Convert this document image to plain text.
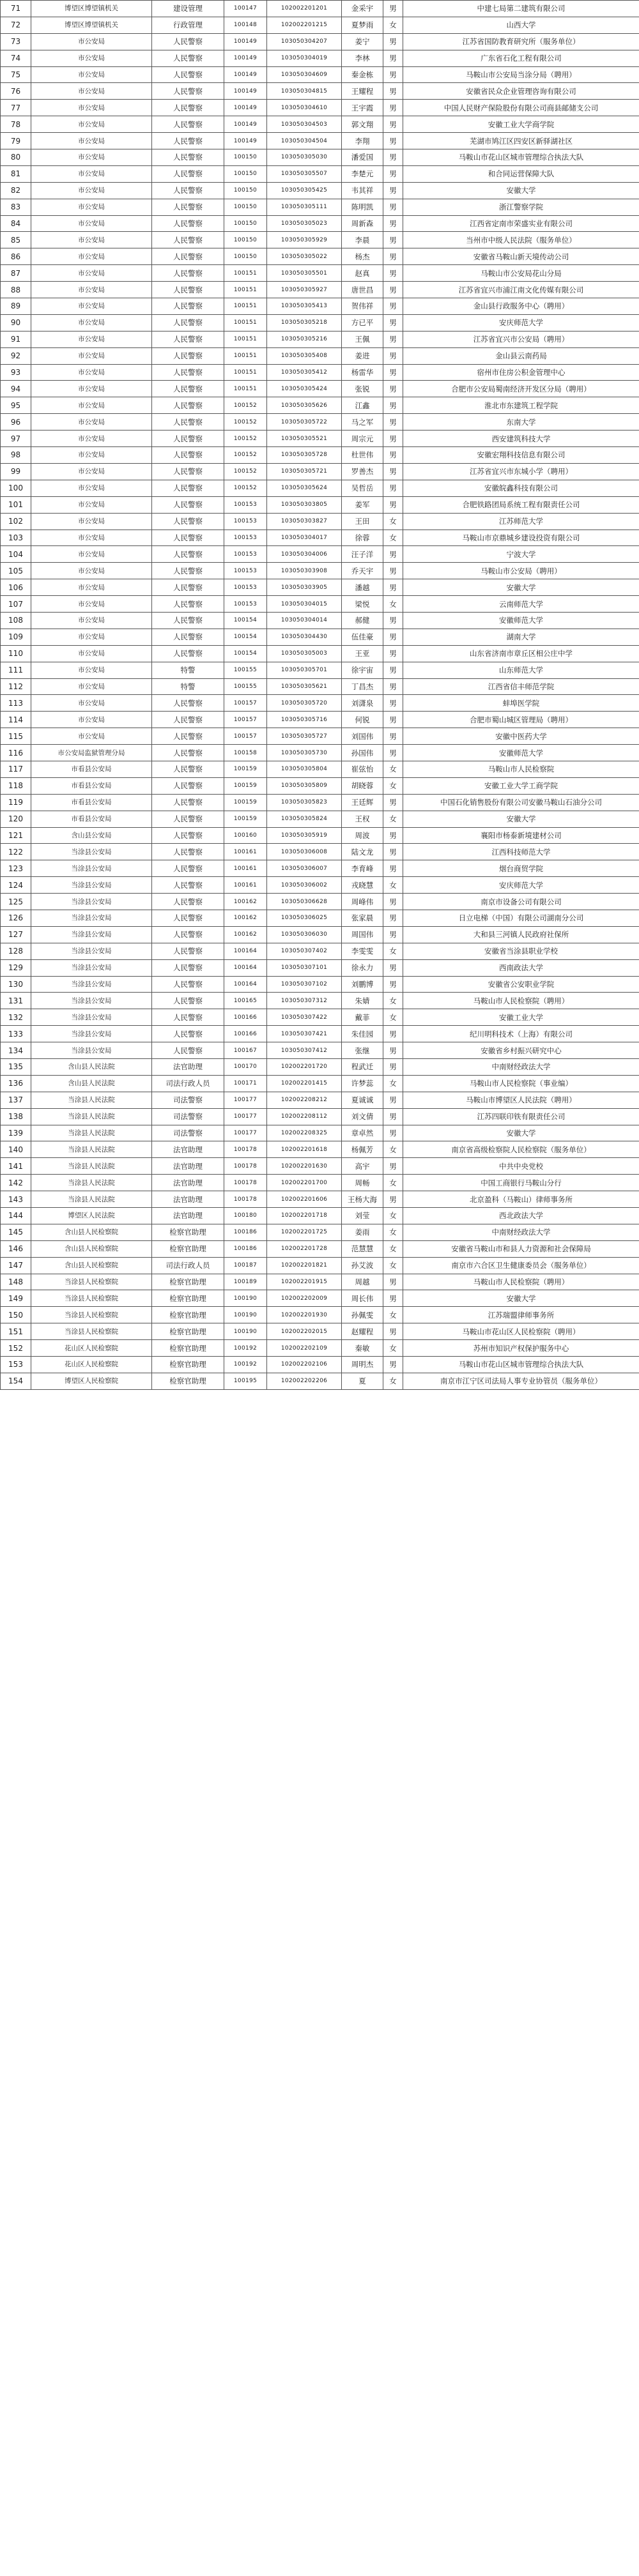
71	博望区博望镇机关	建设管理	100147	102002201201	金采宇	男	中建七局第二建筑有限公司
72	博望区博望镇机关	行政管理	100148	102002201215	夏梦雨	女	山西大学
73	市公安局	人民警察	100149	103050304207	姜宁	男	江苏省国防教育研究所（服务单位）
74	市公安局	人民警察	100149	103050304019	李林	男	广东省石化工程有限公司
75	市公安局	人民警察	100149	103050304609	秦金栋	男	马鞍山市公安局当涂分局（聘用）
76	市公安局	人民警察	100149	103050304815	王耀程	男	安徽省民众企业管理咨询有限公司
77	市公安局	人民警察	100149	103050304610	王宇霞	男	中国人民财产保险股份有限公司商县邮储支公司
78	市公安局	人民警察	100149	103050304503	郭文翔	男	安徽工业大学商学院
79	市公安局	人民警察	100149	103050304504	李翔	男	芜湖市鸠江区四安区新驿湖社区
80	市公安局	人民警察	100150	103050305030	潘爱国	男	马鞍山市花山区城市管理综合执法大队
81	市公安局	人民警察	100150	103050305507	李楚元	男	和合同运营保障大队
82	市公安局	人民警察	100150	103050305425	韦其祥	男	安徽大学
83	市公安局	人民警察	100150	103050305111	陈明凯	男	浙江警察学院
84	市公安局	人民警察	100150	103050305023	周新森	男	江西省定南市荣盛实业有限公司
85	市公安局	人民警察	100150	103050305929	李晨	男	当州市中级人民法院（服务单位）
86	市公安局	人民警察	100150	103050305022	杨杰	男	安徽省马鞍山新天境传动公司
87	市公安局	人民警察	100151	103050305501	赵真	男	马鞍山市公安局花山分局
88	市公安局	人民警察	100151	103050305927	唐世昌	男	江苏省宜兴市浦江南文化传媒有限公司
89	市公安局	人民警察	100151	103050305413	贺伟祥	男	金山县行政服务中心（聘用）
90	市公安局	人民警察	100151	103050305218	方已平	男	安庆师范大学
91	市公安局	人民警察	100151	103050305216	王佩	男	江苏省宜兴市公安局（聘用）
92	市公安局	人民警察	100151	103050305408	姜进	男	金山县云南药局
93	市公安局	人民警察	100151	103050305412	杨雷华	男	宿州市住房公积金管理中心
94	市公安局	人民警察	100151	103050305424	张锐	男	合肥市公安局蜀南经济开发区分局（聘用）
95	市公安局	人民警察	100152	103050305626	江鑫	男	淮北市东建筑工程学院
96	市公安局	人民警察	100152	103050305722	马之军	男	东南大学
97	市公安局	人民警察	100152	103050305521	周宗元	男	西安建筑科技大学
98	市公安局	人民警察	100152	103050305728	杜世伟	男	安徽宏翔科技信息有限公司
99	市公安局	人民警察	100152	103050305721	罗善杰	男	江苏省宜兴市东城小学（聘用）
100	市公安局	人民警察	100152	103050305624	吴哲岳	男	安徽皖鑫科技有限公司
101	市公安局	人民警察	100153	103050303805	姜军	男	合肥铁路团局系统工程有限责任公司
102	市公安局	人民警察	100153	103050303827	王田	女	江苏师范大学
103	市公安局	人民警察	100153	103050304017	徐蓉	女	马鞍山市京鼎城乡建设投资有限公司
104	市公安局	人民警察	100153	103050304006	汪子洋	男	宁波大学
105	市公安局	人民警察	100153	103050303908	乔天宇	男	马鞍山市公安局（聘用）
106	市公安局	人民警察	100153	103050303905	潘越	男	安徽大学
107	市公安局	人民警察	100153	103050304015	梁悦	女	云南师范大学
108	市公安局	人民警察	100154	103050304014	郝健	男	安徽师范大学
109	市公安局	人民警察	100154	103050304430	伍佳豪	男	湖南大学
110	市公安局	人民警察	100154	103050305003	王亚	男	山东省济南市章丘区相公庄中学
111	市公安局	特警	100155	103050305701	徐宇宙	男	山东师范大学
112	市公安局	特警	100155	103050305621	丁昌杰	男	江西省信丰师范学院
113	市公安局	人民警察	100157	103050305720	刘潇泉	男	蚌埠医学院
114	市公安局	人民警察	100157	103050305716	何锐	男	合肥市蜀山城区管理局（聘用）
115	市公安局	人民警察	100157	103050305727	刘国伟	男	安徽中医药大学
116	市公安局监狱管理分局	人民警察	100158	103050305730	孙国伟	男	安徽师范大学
117	市看县公安局	人民警察	100159	103050305804	崔弦怡	女	马鞍山市人民检察院
118	市看县公安局	人民警察	100159	103050305809	胡晓蓉	女	安徽工业大学工商学院
119	市看县公安局	人民警察	100159	103050305823	王廷辉	男	中国石化销售股份有限公司安徽马鞍山石油分公司
120	市看县公安局	人民警察	100159	103050305824	王权	女	安徽大学
121	含山县公安局	人民警察	100160	103050305919	周波	男	襄阳市杨泰新境建材公司
122	当涂县公安局	人民警察	100161	103050306008	陆文龙	男	江西科技师范大学
123	当涂县公安局	人民警察	100161	103050306007	李育峰	男	烟台商贸学院
124	当涂县公安局	人民警察	100161	103050306002	戎晓慧	女	安庆师范大学
125	当涂县公安局	人民警察	100162	103050306628	周峰伟	男	南京市设备公司有限公司
126	当涂县公安局	人民警察	100162	103050306025	张家晨	男	日立电梯（中国）有限公司湖南分公司
127	当涂县公安局	人民警察	100162	103050306030	周国伟	男	大和县三河镇人民政府社保所
128	当涂县公安局	人民警察	100164	103050307402	李雯雯	女	安徽省当涂县职业学校
129	当涂县公安局	人民警察	100164	103050307101	徐永力	男	西南政法大学
130	当涂县公安局	人民警察	100164	103050307102	刘鹏博	男	安徽省公安职业学院
131	当涂县公安局	人民警察	100165	103050307312	朱婧	女	马鞍山市人民检察院（聘用）
132	当涂县公安局	人民警察	100166	103050307422	戴菲	女	安徽工业大学
133	当涂县公安局	人民警察	100166	103050307421	朱佳园	男	纪川明科技术（上海）有限公司
134	当涂县公安局	人民警察	100167	103050307412	张继	男	安徽省乡村振兴研究中心
135	含山县人民法院	法官助理	100170	102002201720	程武迁	男	中南财经政法大学
136	含山县人民法院	司法行政人员	100171	102002201415	许梦蕊	女	马鞍山市人民检察院（事业编）
137	当涂县人民法院	司法警察	100177	102002208212	夏诚诚	男	马鞍山市博望区人民法院（聘用）
138	当涂县人民法院	司法警察	100177	102002208112	刘文倩	男	江苏四联印铁有限责任公司
139	当涂县人民法院	司法警察	100177	102002208325	章卓然	男	安徽大学
140	当涂县人民法院	法官助理	100178	102002201618	杨佩芳	女	南京省高级检察院人民检察院（服务单位）
141	当涂县人民法院	法官助理	100178	102002201630	高宇	男	中共中央党校
142	当涂县人民法院	法官助理	100178	102002201700	周畅	女	中国工商银行马鞍山分行
143	当涂县人民法院	法官助理	100178	102002201606	王杨大海	男	北京盈科（马鞍山）律师事务所
144	博望区人民法院	法官助理	100180	102002201718	刘莹	女	西北政法大学
145	含山县人民检察院	检察官助理	100186	102002201725	姜雨	女	中南财经政法大学
146	含山县人民检察院	检察官助理	100186	102002201728	范慧慧	女	安徽省马鞍山市和县人力资源和社会保障局
147	含山县人民检察院	司法行政人员	100187	102002201821	孙艾波	女	南京市六合区卫生健康委员会（服务单位）
148	当涂县人民检察院	检察官助理	100189	102002201915	周越	男	马鞍山市人民检察院（聘用）
149	当涂县人民检察院	检察官助理	100190	102002202009	周长伟	男	安徽大学
150	当涂县人民检察院	检察官助理	100190	102002201930	孙佩雯	女	江苏瑞盟律师事务所
151	当涂县人民检察院	检察官助理	100190	102002202015	赵耀程	男	马鞍山市花山区人民检察院（聘用）
152	花山区人民检察院	检察官助理	100192	102002202109	秦敏	女	苏州市知识产权保护服务中心
153	花山区人民检察院	检察官助理	100192	102002202106	周明杰	男	马鞍山市花山区城市管理综合执法大队
154	博望区人民检察院	检察官助理	100195	102002202206	夏	女	南京市江宁区司法局人事专业协管员（服务单位）
